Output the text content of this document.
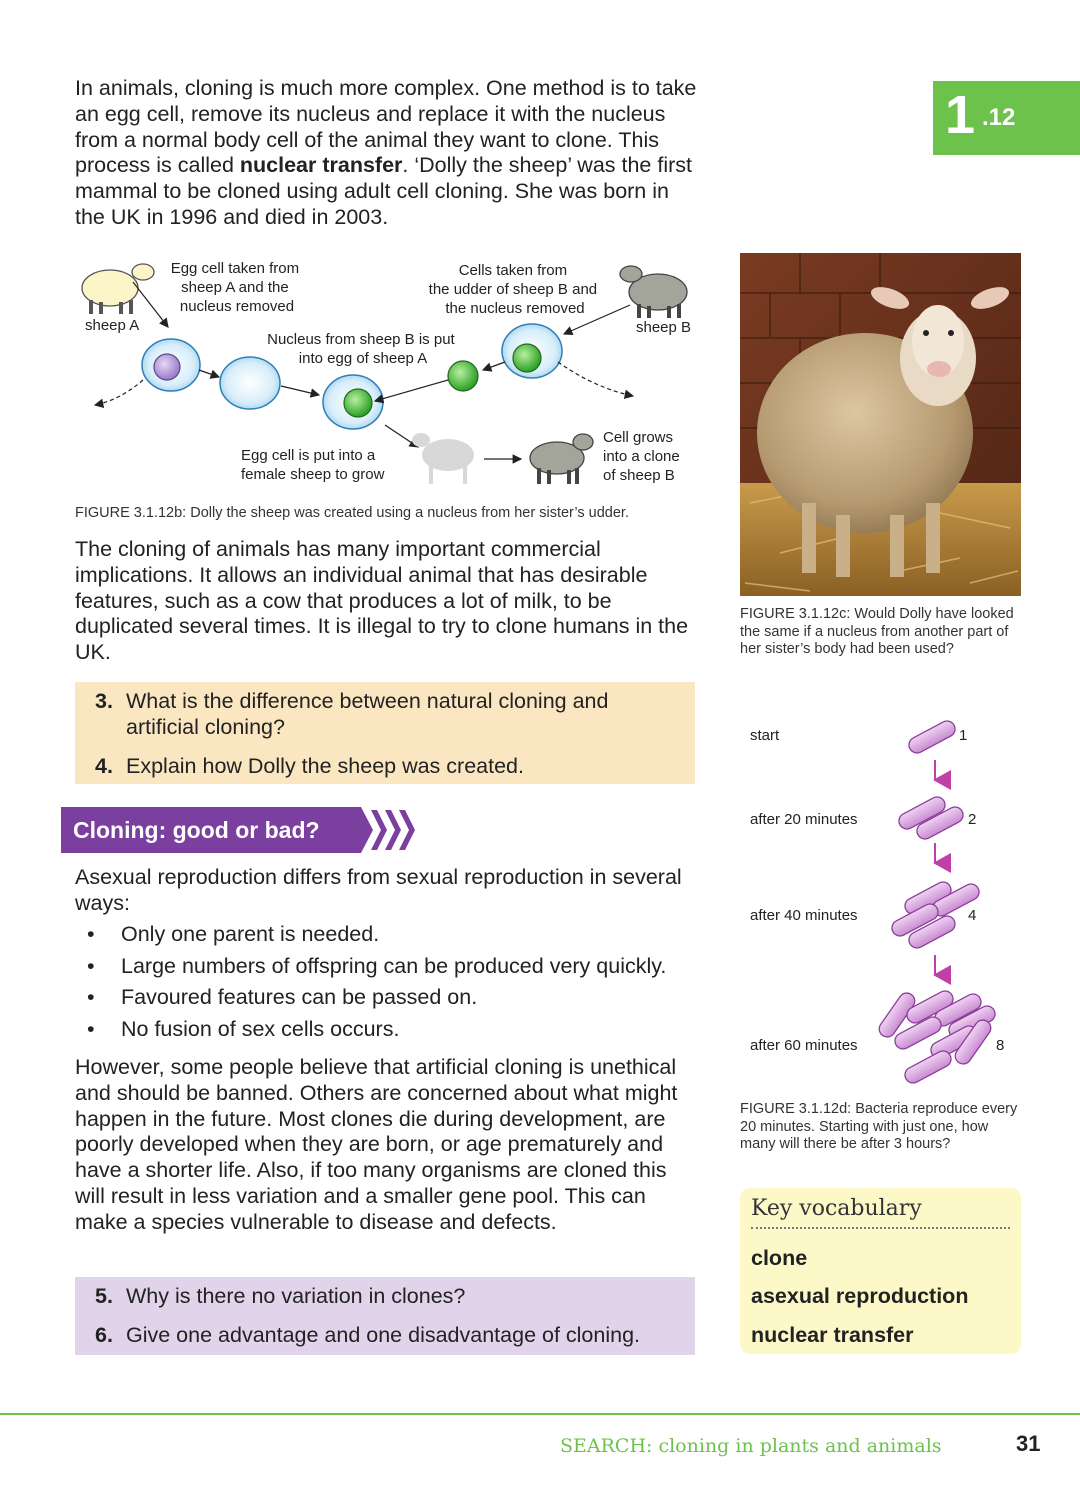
1 .12

In animals, cloning is much more complex. One method is to take an egg cell, remove its nucleus and replace it with the nucleus from a normal body cell of the animal they want to clone. This process is called nuclear transfer. ‘Dolly the sheep’ was the first mammal to be cloned using adult cell cloning. She was born in the UK in 1996 and died in 2003.

sheep A	sheep B
Egg cell taken from sheep A and the nucleus removed
Cells taken from the udder of sheep B and the nucleus removed
Nucleus from sheep B is put into egg of sheep A
Egg cell is put into a female sheep to grow
Cell grows into a clone of sheep B
FIGURE 3.1.12b: Dolly the sheep was created using a nucleus from her sister’s udder.
FIGURE 3.1.12c: Would Dolly have looked the same if a nucleus from another part of her sister’s body had been used?
The cloning of animals has many important commercial implications. It allows an individual animal that has desirable features, such as a cow that produces a lot of milk, to be duplicated several times. It is illegal to try to clone humans in the UK.
3. What is the difference between natural cloning and artificial cloning?
4. Explain how Dolly the sheep was created.
Cloning: good or bad?
Asexual reproduction differs from sexual reproduction in several ways:
• Only one parent is needed.
• Large numbers of offspring can be produced very quickly.
• Favoured features can be passed on.
• No fusion of sex cells occurs.
However, some people believe that artificial cloning is unethical and should be banned. Others are concerned about what might happen in the future. Most clones die during development, are poorly developed when they are born, or age prematurely and have a shorter life. Also, if too many organisms are cloned this will result in less variation and a smaller gene pool. This can make a species vulnerable to disease and defects.
5. Why is there no variation in clones?
6. Give one advantage and one disadvantage of cloning.
start
after 20 minutes
after 40 minutes
after 60 minutes
1
2
4
8
FIGURE 3.1.12d: Bacteria reproduce every 20 minutes. Starting with just one, how many will there be after 3 hours?
Key vocabulary
clone
asexual reproduction
nuclear transfer
SEARCH: cloning in plants and animals	31
